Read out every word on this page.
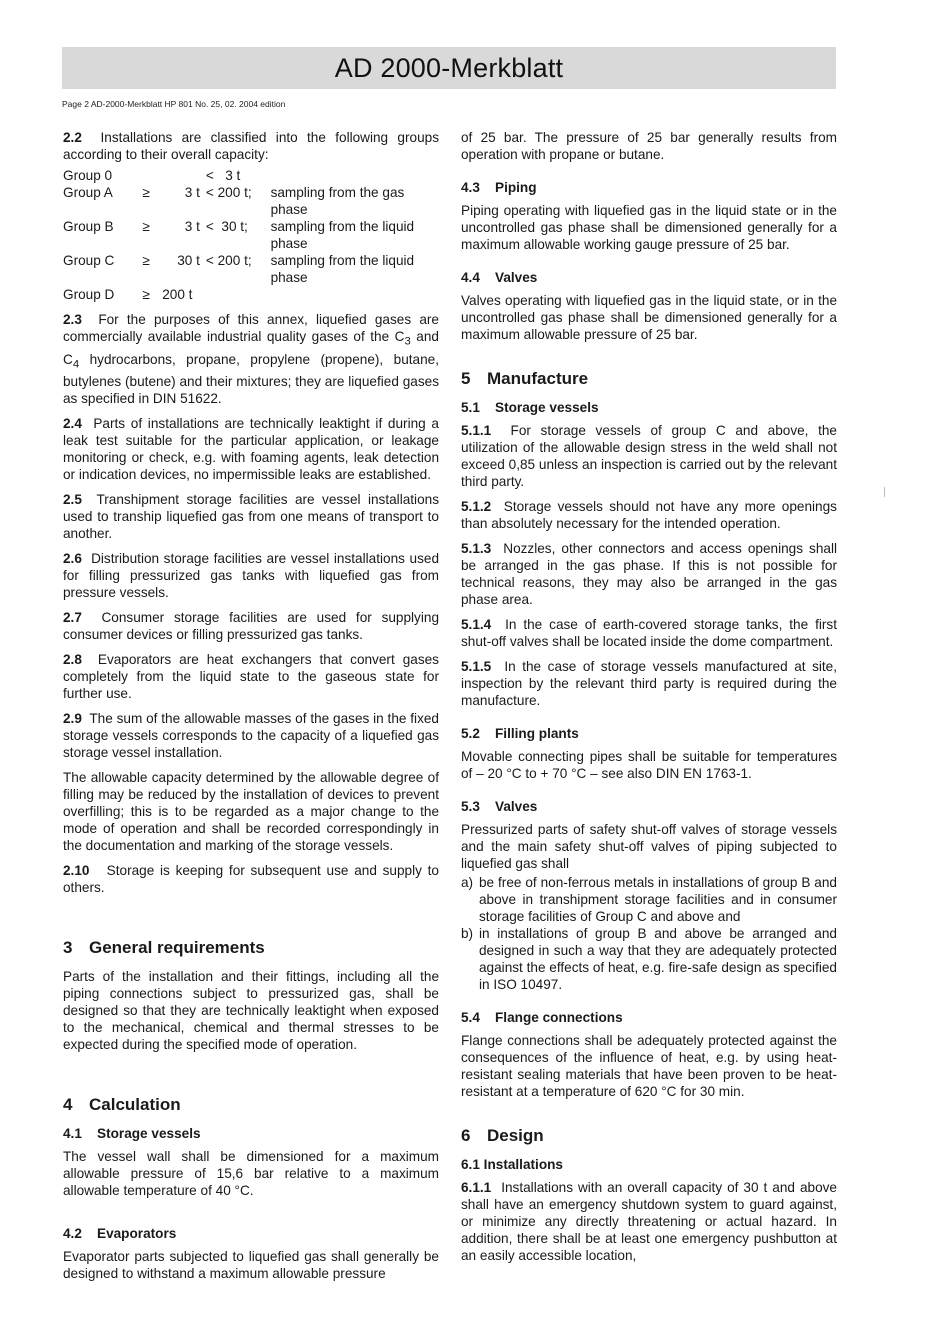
AD 2000-Merkblatt
Page 2 AD-2000-Merkblatt HP 801 No. 25, 02. 2004 edition

2.2 Installations are classified into the following groups according to their overall capacity:

Group 0			< 3 t	
Group A	≥	3 t	< 200 t;	sampling from the gas phase
Group B	≥	3 t	<  30 t;	sampling from the liquid phase
Group C	≥	30 t	< 200 t;	sampling from the liquid phase
Group D	≥	200 t		

2.3 For the purposes of this annex, liquefied gases are commercially available industrial quality gases of the $C_3$ and $C_4$ hydrocarbons, propane, propylene (propene), butane, butylenes (butene) and their mixtures; they are liquefied gases as specified in DIN 51622.

2.4 Parts of installations are technically leaktight if during a leak test suitable for the particular application, or leakage monitoring or check, e.g. with foaming agents, leak detection or indication devices, no impermissible leaks are established.

2.5 Transhipment storage facilities are vessel installations used to tranship liquefied gas from one means of transport to another.

2.6 Distribution storage facilities are vessel installations used for filling pressurized gas tanks with liquefied gas from pressure vessels.

2.7 Consumer storage facilities are used for supplying consumer devices or filling pressurized gas tanks.

2.8 Evaporators are heat exchangers that convert gases completely from the liquid state to the gaseous state for further use.

2.9 The sum of the allowable masses of the gases in the fixed storage vessels corresponds to the capacity of a liquefied gas storage vessel installation.

The allowable capacity determined by the allowable degree of filling may be reduced by the installation of devices to prevent overfilling; this is to be regarded as a major change to the mode of operation and shall be recorded correspondingly in the documentation and marking of the storage vessels.

2.10 Storage is keeping for subsequent use and supply to others.

3 General requirements

Parts of the installation and their fittings, including all the piping connections subject to pressurized gas, shall be designed so that they are technically leaktight when exposed to the mechanical, chemical and thermal stresses to be expected during the specified mode of operation.

4 Calculation
4.1 Storage vessels

The vessel wall shall be dimensioned for a maximum allowable pressure of 15,6 bar relative to a maximum allowable temperature of 40 °C.

4.2 Evaporators

Evaporator parts subjected to liquefied gas shall generally be designed to withstand a maximum allowable pressure

of 25 bar. The pressure of 25 bar generally results from operation with propane or butane.

4.3 Piping

Piping operating with liquefied gas in the liquid state or in the uncontrolled gas phase shall be dimensioned generally for a maximum allowable working gauge pressure of 25 bar.

4.4 Valves

Valves operating with liquefied gas in the liquid state, or in the uncontrolled gas phase shall be dimensioned generally for a maximum allowable pressure of 25 bar.

5 Manufacture
5.1 Storage vessels

5.1.1 For storage vessels of group C and above, the utilization of the allowable design stress in the weld shall not exceed 0,85 unless an inspection is carried out by the relevant third party.

5.1.2 Storage vessels should not have any more openings than absolutely necessary for the intended operation.

5.1.3 Nozzles, other connectors and access openings shall be arranged in the gas phase. If this is not possible for technical reasons, they may also be arranged in the gas phase area.

5.1.4 In the case of earth-covered storage tanks, the first shut-off valves shall be located inside the dome compartment.

5.1.5 In the case of storage vessels manufactured at site, inspection by the relevant third party is required during the manufacture.

5.2 Filling plants

Movable connecting pipes shall be suitable for temperatures of – 20 °C to + 70 °C – see also DIN EN 1763-1.

5.3 Valves

Pressurized parts of safety shut-off valves of storage vessels and the main safety shut-off valves of piping subjected to liquefied gas shall

a) be free of non-ferrous metals in installations of group B and above in transhipment storage facilities and in consumer storage facilities of Group C and above and
b) in installations of group B and above be arranged and designed in such a way that they are adequately protected against the effects of heat, e.g. fire-safe design as specified in ISO 10497.
5.4 Flange connections

Flange connections shall be adequately protected against the consequences of the influence of heat, e.g. by using heat-resistant sealing materials that have been proven to be heat-resistant at a temperature of 620 °C for 30 min.

6 Design
6.1 Installations

6.1.1 Installations with an overall capacity of 30 t and above shall have an emergency shutdown system to guard against, or minimize any directly threatening or actual hazard. In addition, there shall be at least one emergency pushbutton at an easily accessible location,
